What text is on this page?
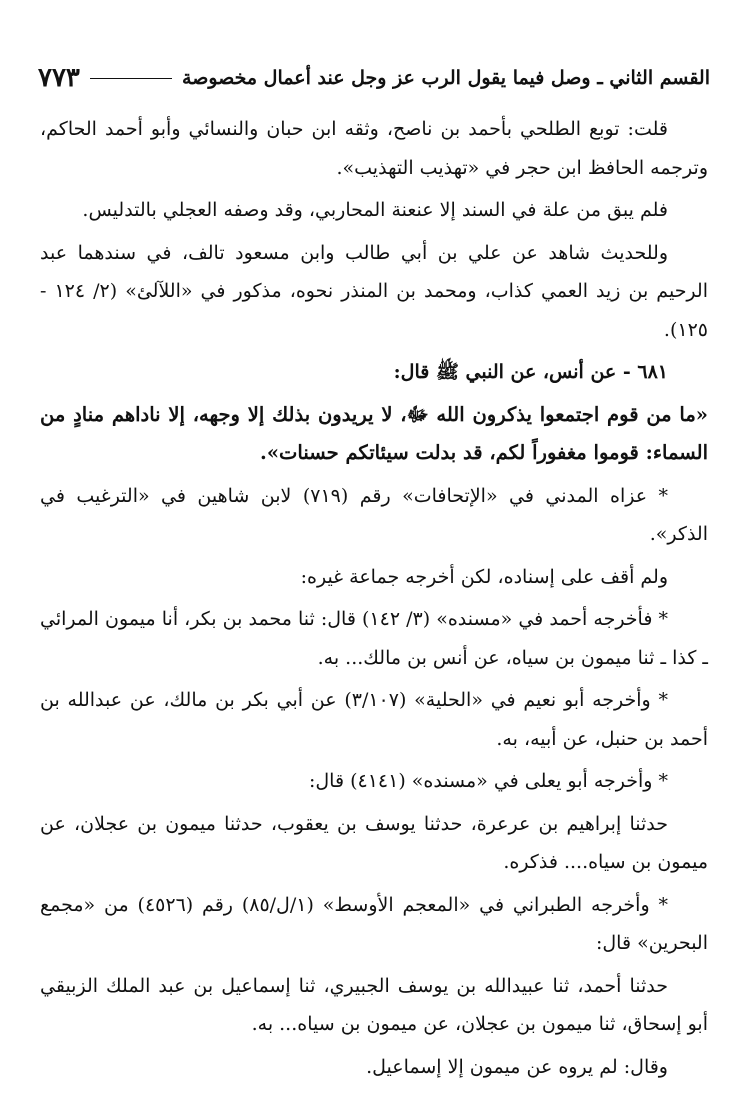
القسم الثاني ـ وصل فيما يقول الرب عز وجل عند أعمال مخصوصة
٧٧٣

قلت: توبع الطلحي بأحمد بن ناصح، وثقه ابن حبان والنسائي وأبو أحمد الحاكم، وترجمه الحافظ ابن حجر في «تهذيب التهذيب».

فلم يبق من علة في السند إلا عنعنة المحاربي، وقد وصفه العجلي بالتدليس.

وللحديث شاهد عن علي بن أبي طالب وابن مسعود تالف، في سندهما عبد الرحيم بن زيد العمي كذاب، ومحمد بن المنذر نحوه، مذكور في «اللآلئ» (٢/ ١٢٤ - ١٢٥).

٦٨١ - عن أنس، عن النبي ﷺ قال:

«ما من قوم اجتمعوا يذكرون الله ﷻ، لا يريدون بذلك إلا وجهه، إلا ناداهم منادٍ من السماء: قوموا مغفوراً لكم، قد بدلت سيئاتكم حسنات».

* عزاه المدني في «الإتحافات» رقم (٧١٩) لابن شاهين في «الترغيب في الذكر».

ولم أقف على إسناده، لكن أخرجه جماعة غيره:

* فأخرجه أحمد في «مسنده» (٣/ ١٤٢) قال: ثنا محمد بن بكر، أنا ميمون المرائي ـ كذا ـ ثنا ميمون بن سياه، عن أنس بن مالك... به.

* وأخرجه أبو نعيم في «الحلية» (٣/١٠٧) عن أبي بكر بن مالك، عن عبدالله بن أحمد بن حنبل، عن أبيه، به.

* وأخرجه أبو يعلى في «مسنده» (٤١٤١) قال:

حدثنا إبراهيم بن عرعرة، حدثنا يوسف بن يعقوب، حدثنا ميمون بن عجلان، عن ميمون بن سياه.... فذكره.

* وأخرجه الطبراني في «المعجم الأوسط» (١/ل/٨٥) رقم (٤٥٢٦) من «مجمع البحرين» قال:

حدثنا أحمد، ثنا عبيدالله بن يوسف الجبيري، ثنا إسماعيل بن عبد الملك الزبيقي أبو إسحاق، ثنا ميمون بن عجلان، عن ميمون بن سياه... به.

وقال: لم يروه عن ميمون إلا إسماعيل.
